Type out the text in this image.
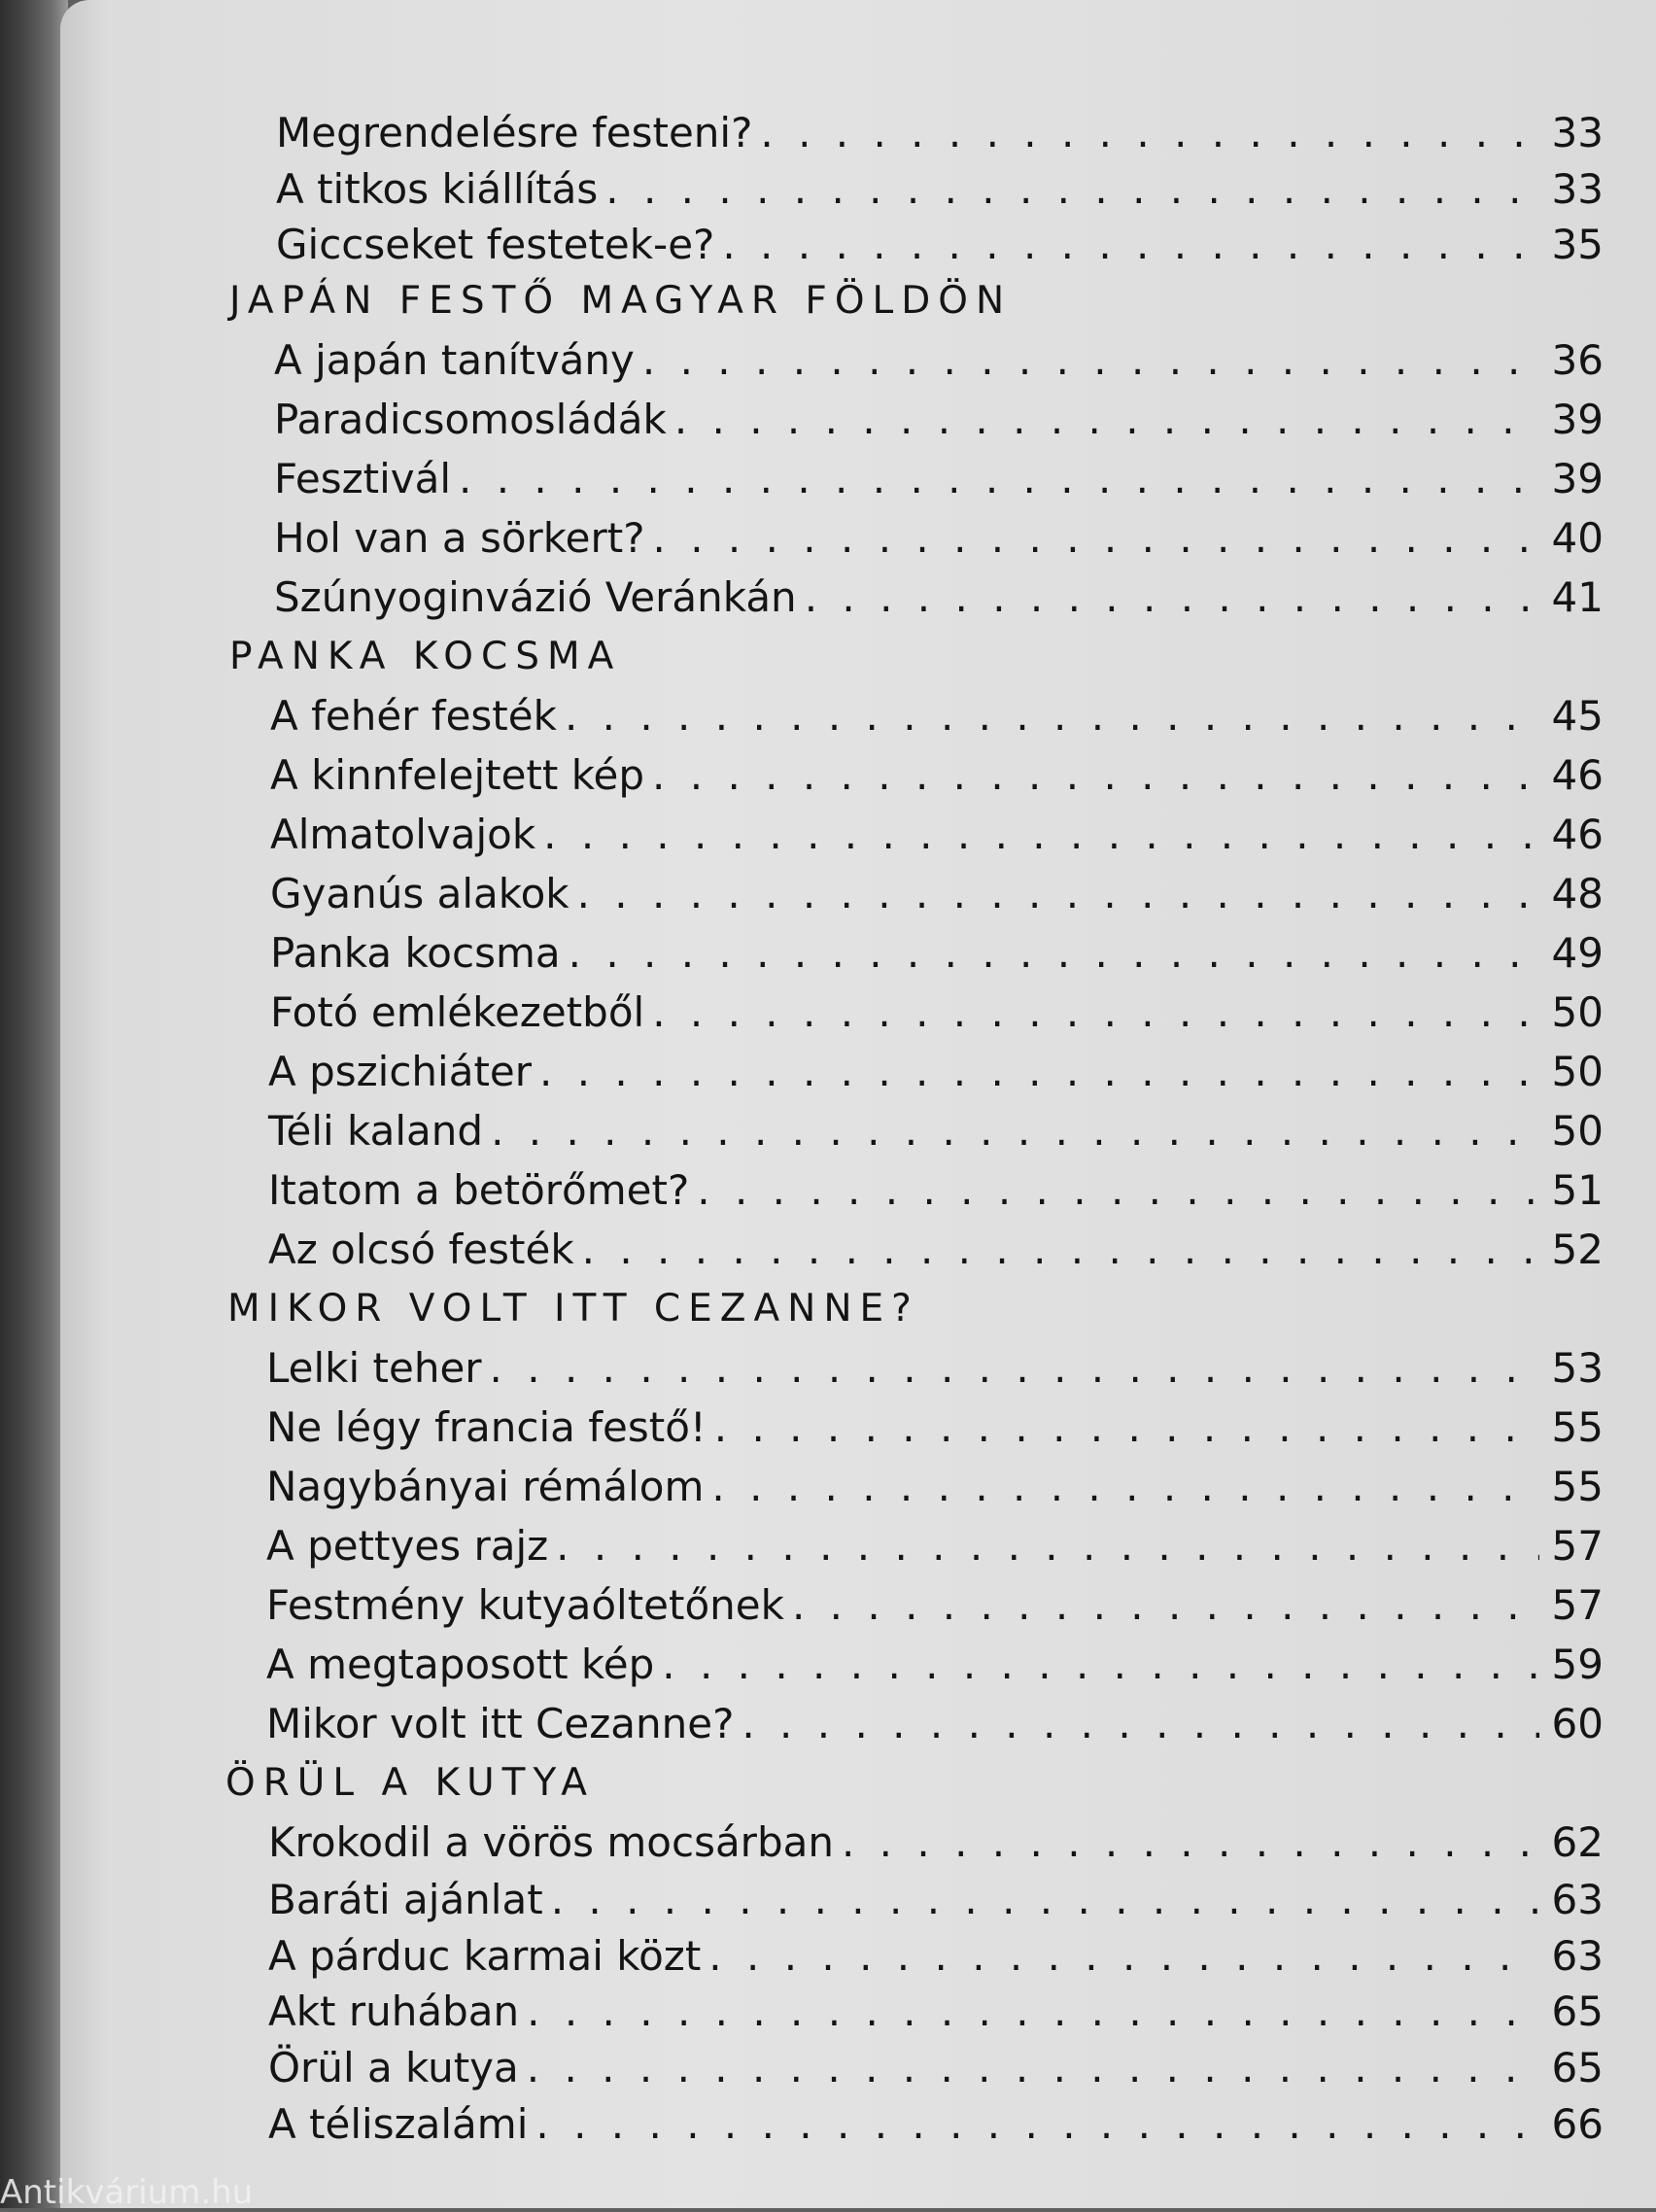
Megrendelésre festeni? . . .	33
A titkos kiállítás . . .	33
Giccseket festetek-e? . . .	35
JAPÁN FESTŐ MAGYAR FÖLDÖN
A japán tanítvány . . .	36
Paradicsomosládák . . .	39
Fesztivál . . .	39
Hol van a sörkert? . . .	40
Szúnyoginvázió Veránkán . . .	41
PANKA KOCSMA
A fehér festék . . .	45
A kinnfelejtett kép . . .	46
Almatolvajok . . .	46
Gyanús alakok . . .	48
Panka kocsma . . .	49
Fotó emlékezetből . . .	50
A pszichiáter . . .	50
Téli kaland . . .	50
Itatom a betörőmet? . . .	51
Az olcsó festék . . .	52
MIKOR VOLT ITT CEZANNE?
Lelki teher . . .	53
Ne légy francia festő! . . .	55
Nagybányai rémálom . . .	55
A pettyes rajz . . .	57
Festmény kutyaóltetőnek . . .	57
A megtaposott kép . . .	59
Mikor volt itt Cezanne? . . .	60
ÖRÜL A KUTYA
Krokodil a vörös mocsárban . . .	62
Baráti ajánlat . . .	63
A párduc karmai közt . . .	63
Akt ruhában . . .	65
Örül a kutya . . .	65
A téliszalámi . . .	66
Antikvárium.hu
